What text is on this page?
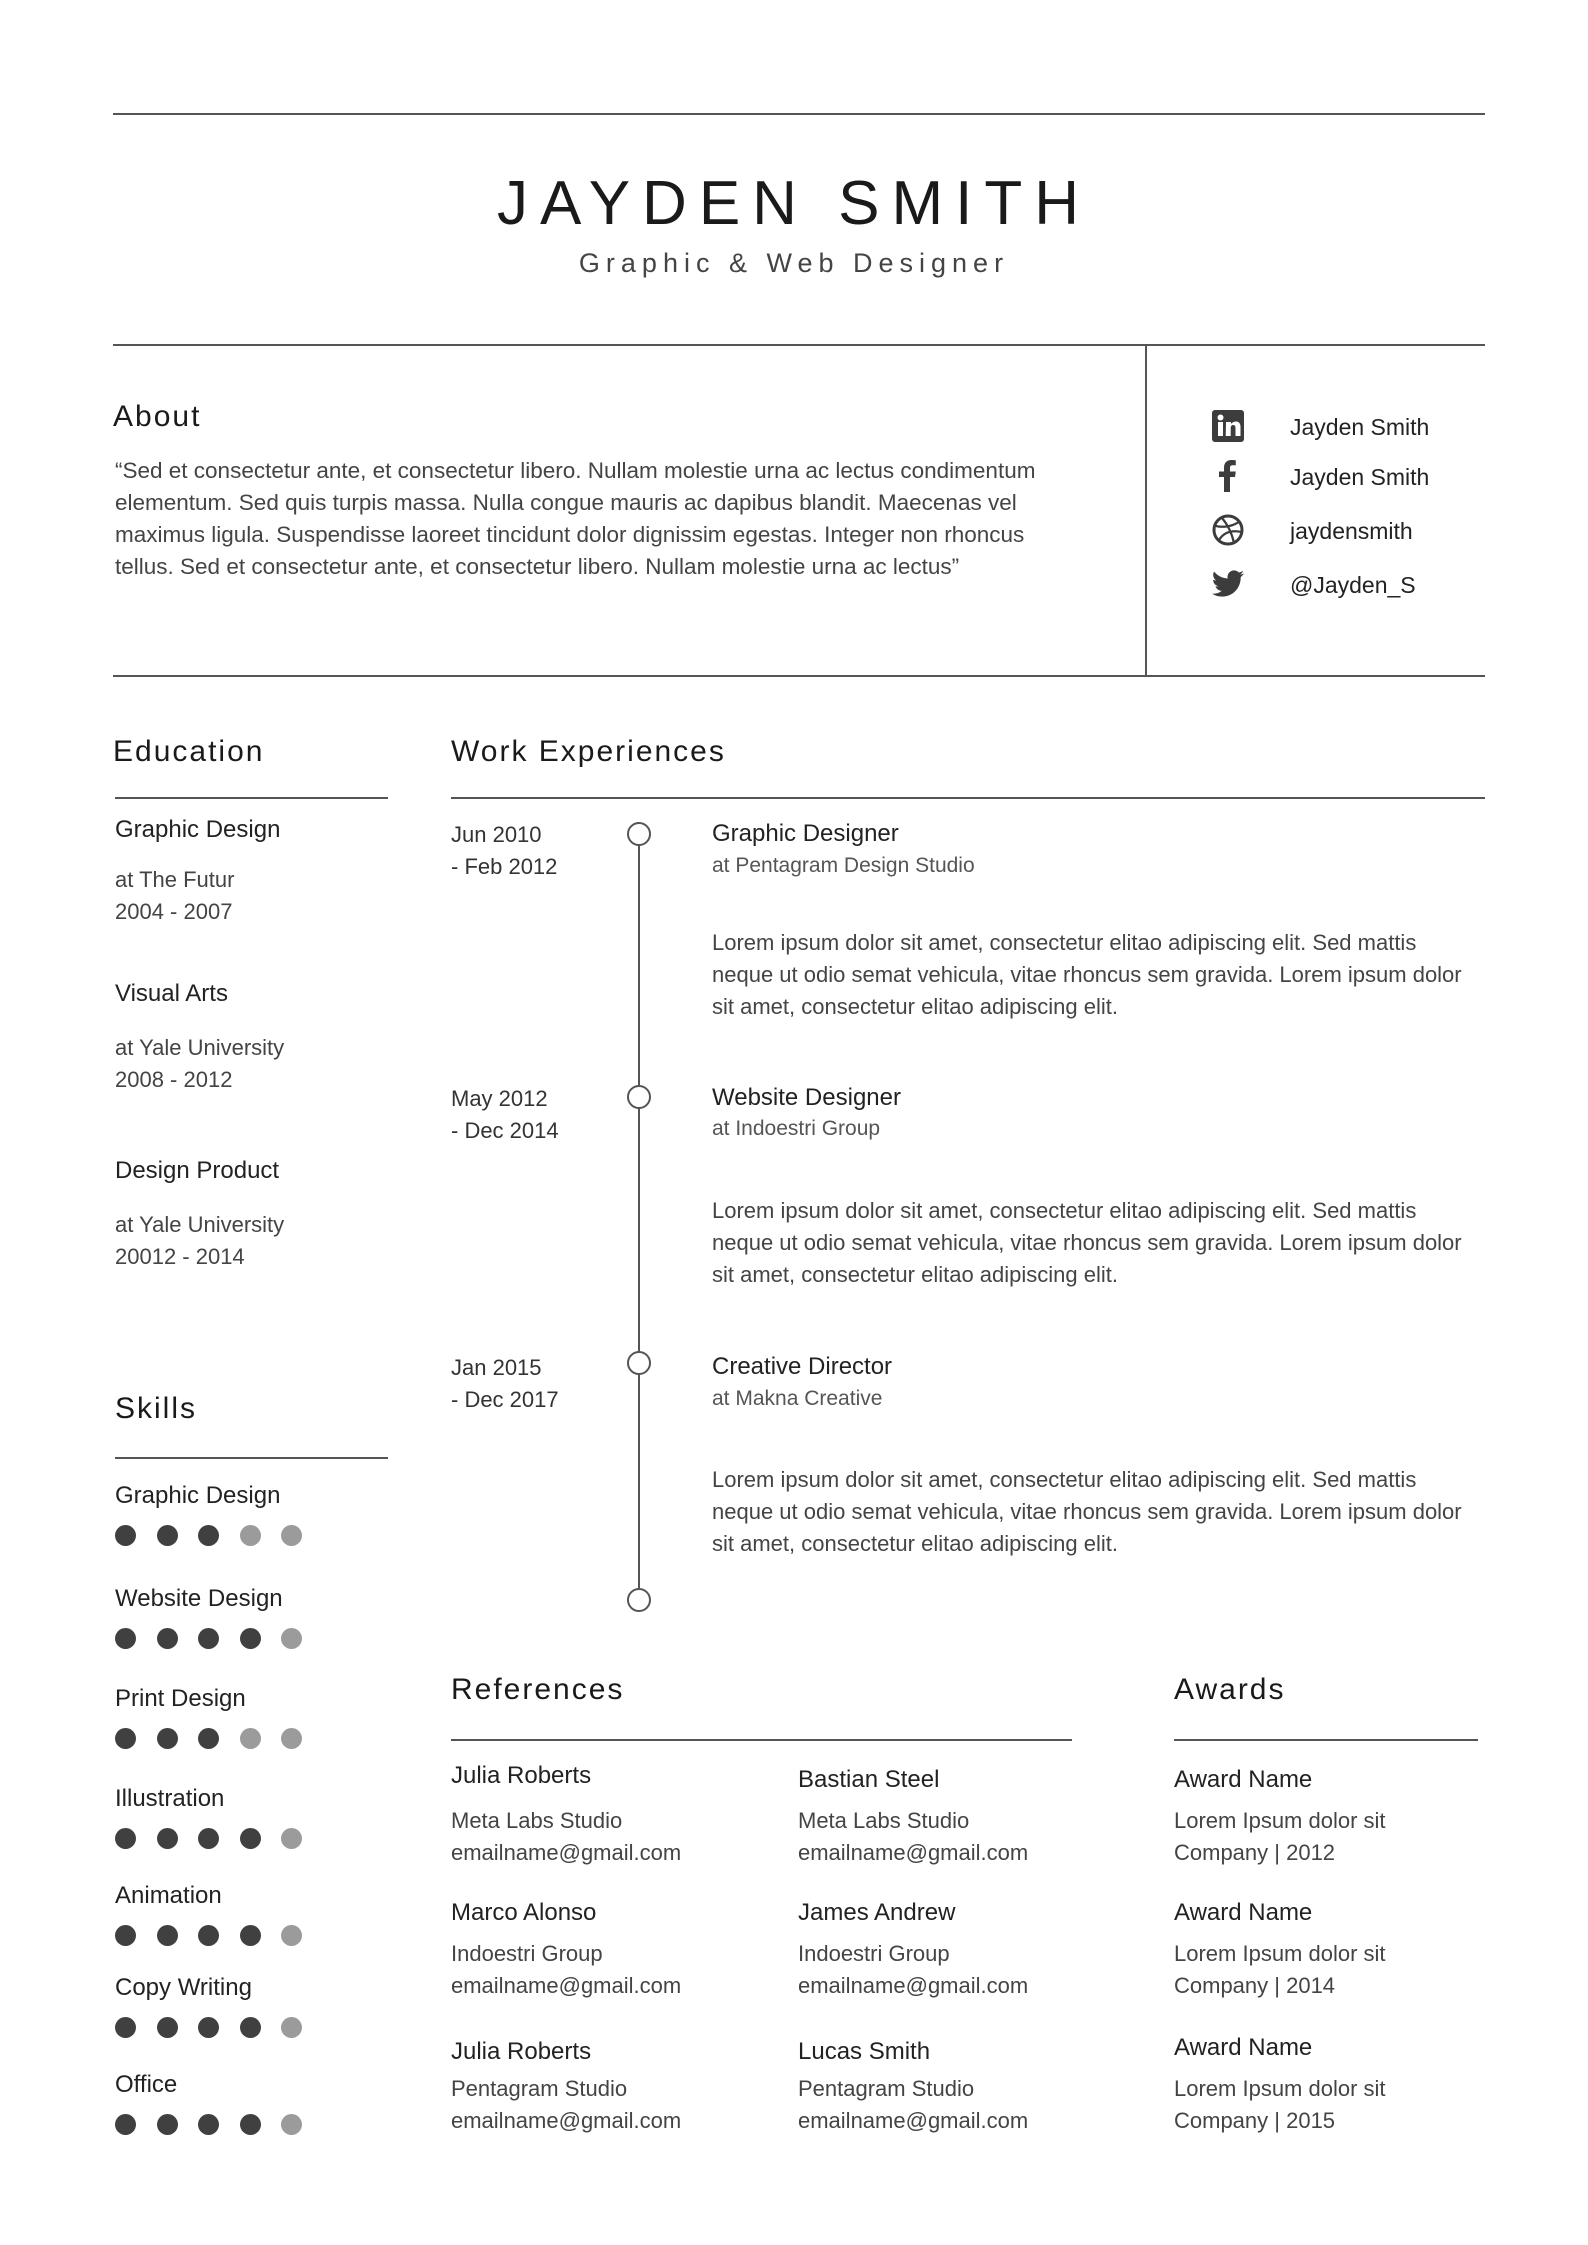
JAYDEN SMITH
Graphic & Web Designer
About
“Sed et consectetur ante, et consectetur libero. Nullam molestie urna ac lectus condimentum elementum. Sed quis turpis massa. Nulla congue mauris ac dapibus blandit. Maecenas vel maximus ligula. Suspendisse laoreet tincidunt dolor dignissim egestas. Integer non rhoncus tellus. Sed et consectetur ante, et consectetur libero. Nullam molestie urna ac lectus”
Jayden Smith
Jayden Smith
jaydensmith
@Jayden_S
Education
Graphic Design
at The Futur
2004 - 2007
Visual Arts
at Yale University
2008 - 2012
Design Product
at Yale University
20012 - 2014
Skills
Graphic Design
Website Design
Print Design
Illustration
Animation
Copy Writing
Office
Work Experiences
Jun 2010
- Feb 2012
Graphic Designer
at Pentagram Design Studio
Lorem ipsum dolor sit amet, consectetur elitao adipiscing elit. Sed mattis neque ut odio semat vehicula, vitae rhoncus sem gravida. Lorem ipsum dolor sit amet, consectetur elitao adipiscing elit.
May 2012
- Dec 2014
Website Designer
at Indoestri Group
Lorem ipsum dolor sit amet, consectetur elitao adipiscing elit. Sed mattis neque ut odio semat vehicula, vitae rhoncus sem gravida. Lorem ipsum dolor sit amet, consectetur elitao adipiscing elit.
Jan 2015
- Dec 2017
Creative Director
at Makna Creative
Lorem ipsum dolor sit amet, consectetur elitao adipiscing elit. Sed mattis neque ut odio semat vehicula, vitae rhoncus sem gravida. Lorem ipsum dolor sit amet, consectetur elitao adipiscing elit.
References
Julia Roberts
Meta Labs Studio
emailname@gmail.com
Bastian Steel
Meta Labs Studio
emailname@gmail.com
Marco Alonso
Indoestri Group
emailname@gmail.com
James Andrew
Indoestri Group
emailname@gmail.com
Julia Roberts
Pentagram Studio
emailname@gmail.com
Lucas Smith
Pentagram Studio
emailname@gmail.com
Awards
Award Name
Lorem Ipsum dolor sit
Company | 2012
Award Name
Lorem Ipsum dolor sit
Company | 2014
Award Name
Lorem Ipsum dolor sit
Company | 2015
